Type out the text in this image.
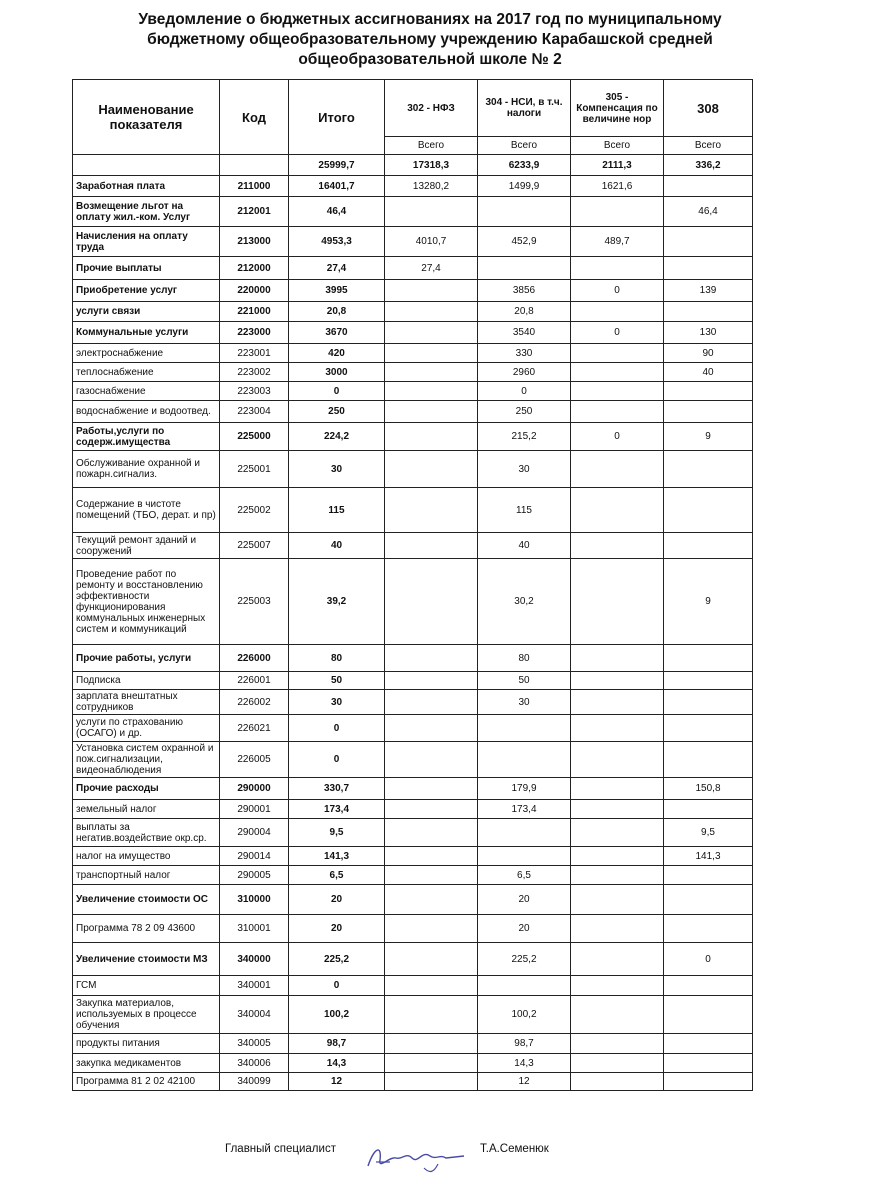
Уведомление о бюджетных ассигнованиях на 2017 год по муниципальному
бюджетному общеобразовательному учреждению Карабашской средней
общеобразовательной школе № 2
Наименование показателя	Код	Итого	302 - НФЗ	304 - НСИ, в т.ч. налоги	305 - Компенсация по величине нор	308
			Всего	Всего	Всего	Всего
		25999,7	17318,3	6233,9	2111,3	336,2
Заработная плата	211000	16401,7	13280,2	1499,9	1621,6	
Возмещение льгот на оплату жил.-ком. Услуг	212001	46,4				46,4
Начисления на оплату труда	213000	4953,3	4010,7	452,9	489,7	
Прочие выплаты	212000	27,4	27,4			
Приобретение услуг	220000	3995		3856	0	139
услуги связи	221000	20,8		20,8		
Коммунальные услуги	223000	3670		3540	0	130
электроснабжение	223001	420		330		90
теплоснабжение	223002	3000		2960		40
газоснабжение	223003	0		0		
водоснабжение и водоотвед.	223004	250		250		
Работы,услуги по содерж.имущества	225000	224,2		215,2	0	9
Обслуживание охранной и пожарн.сигнализ.	225001	30		30		
Содержание в чистоте помещений (ТБО, дерат. и пр)	225002	115		115		
Текущий ремонт зданий и сооружений	225007	40		40		
Проведение работ по ремонту и восстановлению эффективности функционирования коммунальных инженерных систем и коммуникаций	225003	39,2		30,2		9
Прочие работы, услуги	226000	80		80		
Подписка	226001	50		50		
зарплата внештатных сотрудников	226002	30		30		
услуги по страхованию (ОСАГО) и др.	226021	0				
Установка систем охранной и пож.сигнализации, видеонаблюдения	226005	0				
Прочие расходы	290000	330,7		179,9		150,8
земельный налог	290001	173,4		173,4		
выплаты за негатив.воздействие окр.ср.	290004	9,5				9,5
налог на имущество	290014	141,3				141,3
транспортный налог	290005	6,5		6,5		
Увеличение стоимости ОС	310000	20		20		
Программа 78 2 09 43600	310001	20		20		
Увеличение стоимости МЗ	340000	225,2		225,2		0
ГСМ	340001	0				
Закупка материалов, используемых в процессе обучения	340004	100,2		100,2		
продукты питания	340005	98,7		98,7		
закупка медикаментов	340006	14,3		14,3		
Программа 81 2 02 42100	340099	12		12		
Главный специалист	Т.А.Семенюк
